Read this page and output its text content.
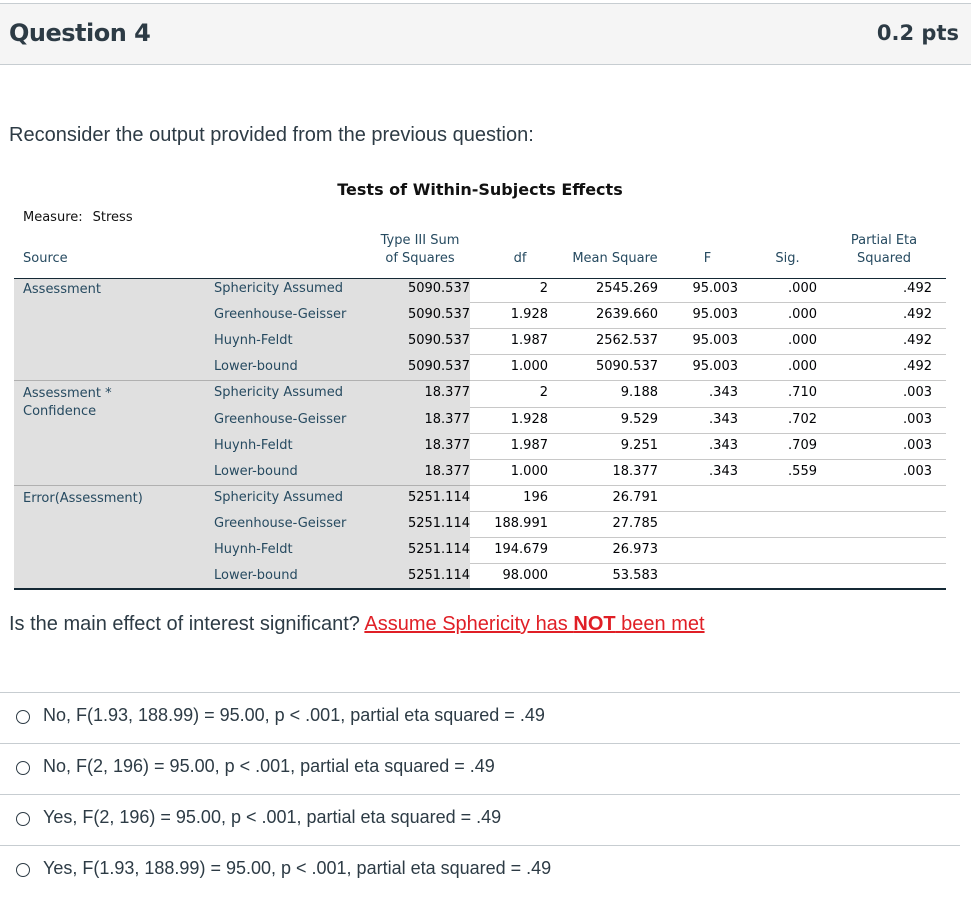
Question 4	0.2 pts
Reconsider the output provided from the previous question:
Tests of Within-Subjects Effects
Measure: Stress
Source
Type III Sum
of Squares	df	Mean Square	F	Sig.
Partial Eta
Squared
Assessment	Sphericity Assumed	5090.537	2	2545.269	95.003	.000	.492
Greenhouse-Geisser	5090.537	1.928	2639.660	95.003	.000	.492
Huynh-Feldt	5090.537	1.987	2562.537	95.003	.000	.492
Lower-bound	5090.537	1.000	5090.537	95.003	.000	.492
Assessment *
Confidence
Sphericity Assumed	18.377	2	9.188	.343	.710	.003
Greenhouse-Geisser	18.377	1.928	9.529	.343	.702	.003
Huynh-Feldt	18.377	1.987	9.251	.343	.709	.003
Lower-bound	18.377	1.000	18.377	.343	.559	.003
Error(Assessment)	Sphericity Assumed	5251.114	196	26.791
Greenhouse-Geisser	5251.114	188.991	27.785
Huynh-Feldt	5251.114	194.679	26.973
Lower-bound	5251.114	98.000	53.583
Is the main effect of interest significant? Assume Sphericity has NOT been met
No, F(1.93, 188.99) = 95.00, p < .001, partial eta squared = .49
No, F(2, 196) = 95.00, p < .001, partial eta squared = .49
Yes, F(2, 196) = 95.00, p < .001, partial eta squared = .49
Yes, F(1.93, 188.99) = 95.00, p < .001, partial eta squared = .49
